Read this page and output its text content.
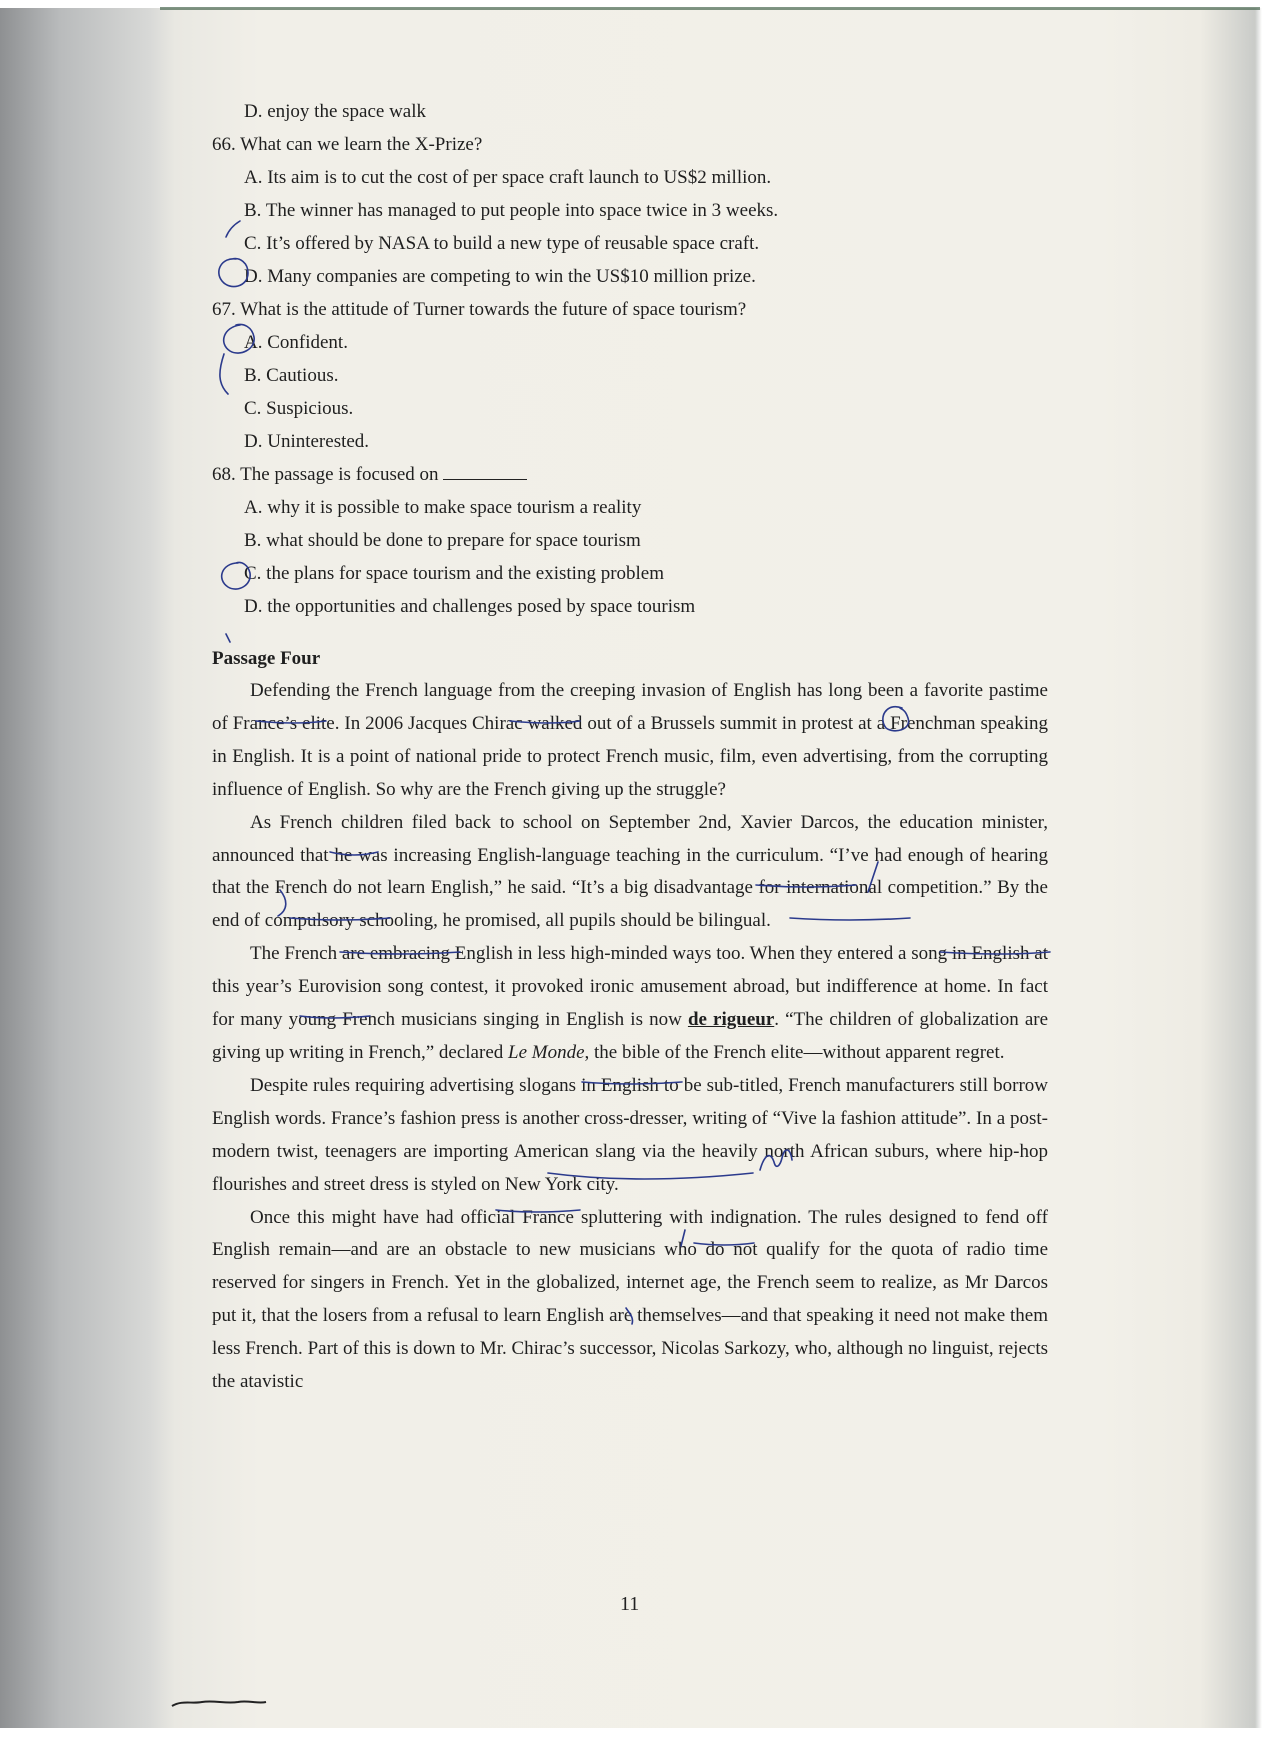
D. enjoy the space walk
66. What can we learn the X-Prize?
A. Its aim is to cut the cost of per space craft launch to US$2 million.
B. The winner has managed to put people into space twice in 3 weeks.
C. It’s offered by NASA to build a new type of reusable space craft.
D. Many companies are competing to win the US$10 million prize.
67. What is the attitude of Turner towards the future of space tourism?
A. Confident.
B. Cautious.
C. Suspicious.
D. Uninterested.
68. The passage is focused on
A. why it is possible to make space tourism a reality
B. what should be done to prepare for space tourism
C. the plans for space tourism and the existing problem
D. the opportunities and challenges posed by space tourism
Passage Four

Defending the French language from the creeping invasion of English has long been a favorite pastime of France’s elite. In 2006 Jacques Chirac walked out of a Brussels summit in protest at a Frenchman speaking in English. It is a point of national pride to protect French music, film, even advertising, from the corrupting influence of English. So why are the French giving up the struggle?

As French children filed back to school on September 2nd, Xavier Darcos, the education minister, announced that he was increasing English-language teaching in the curriculum. “I’ve had enough of hearing that the French do not learn English,” he said. “It’s a big disadvantage for international competition.” By the end of compulsory schooling, he promised, all pupils should be bilingual.

The French are embracing English in less high-minded ways too. When they entered a song in English at this year’s Eurovision song contest, it provoked ironic amusement abroad, but indifference at home. In fact for many young French musicians singing in English is now de rigueur. “The children of globalization are giving up writing in French,” declared Le Monde, the bible of the French elite—without apparent regret.

Despite rules requiring advertising slogans in English to be sub-titled, French manufacturers still borrow English words. France’s fashion press is another cross-dresser, writing of “Vive la fashion attitude”. In a post-modern twist, teenagers are importing American slang via the heavily north African suburs, where hip-hop flourishes and street dress is styled on New York city.

Once this might have had official France spluttering with indignation. The rules designed to fend off English remain—and are an obstacle to new musicians who do not qualify for the quota of radio time reserved for singers in French. Yet in the globalized, internet age, the French seem to realize, as Mr Darcos put it, that the losers from a refusal to learn English are themselves—and that speaking it need not make them less French. Part of this is down to Mr. Chirac’s successor, Nicolas Sarkozy, who, although no linguist, rejects the atavistic

11
